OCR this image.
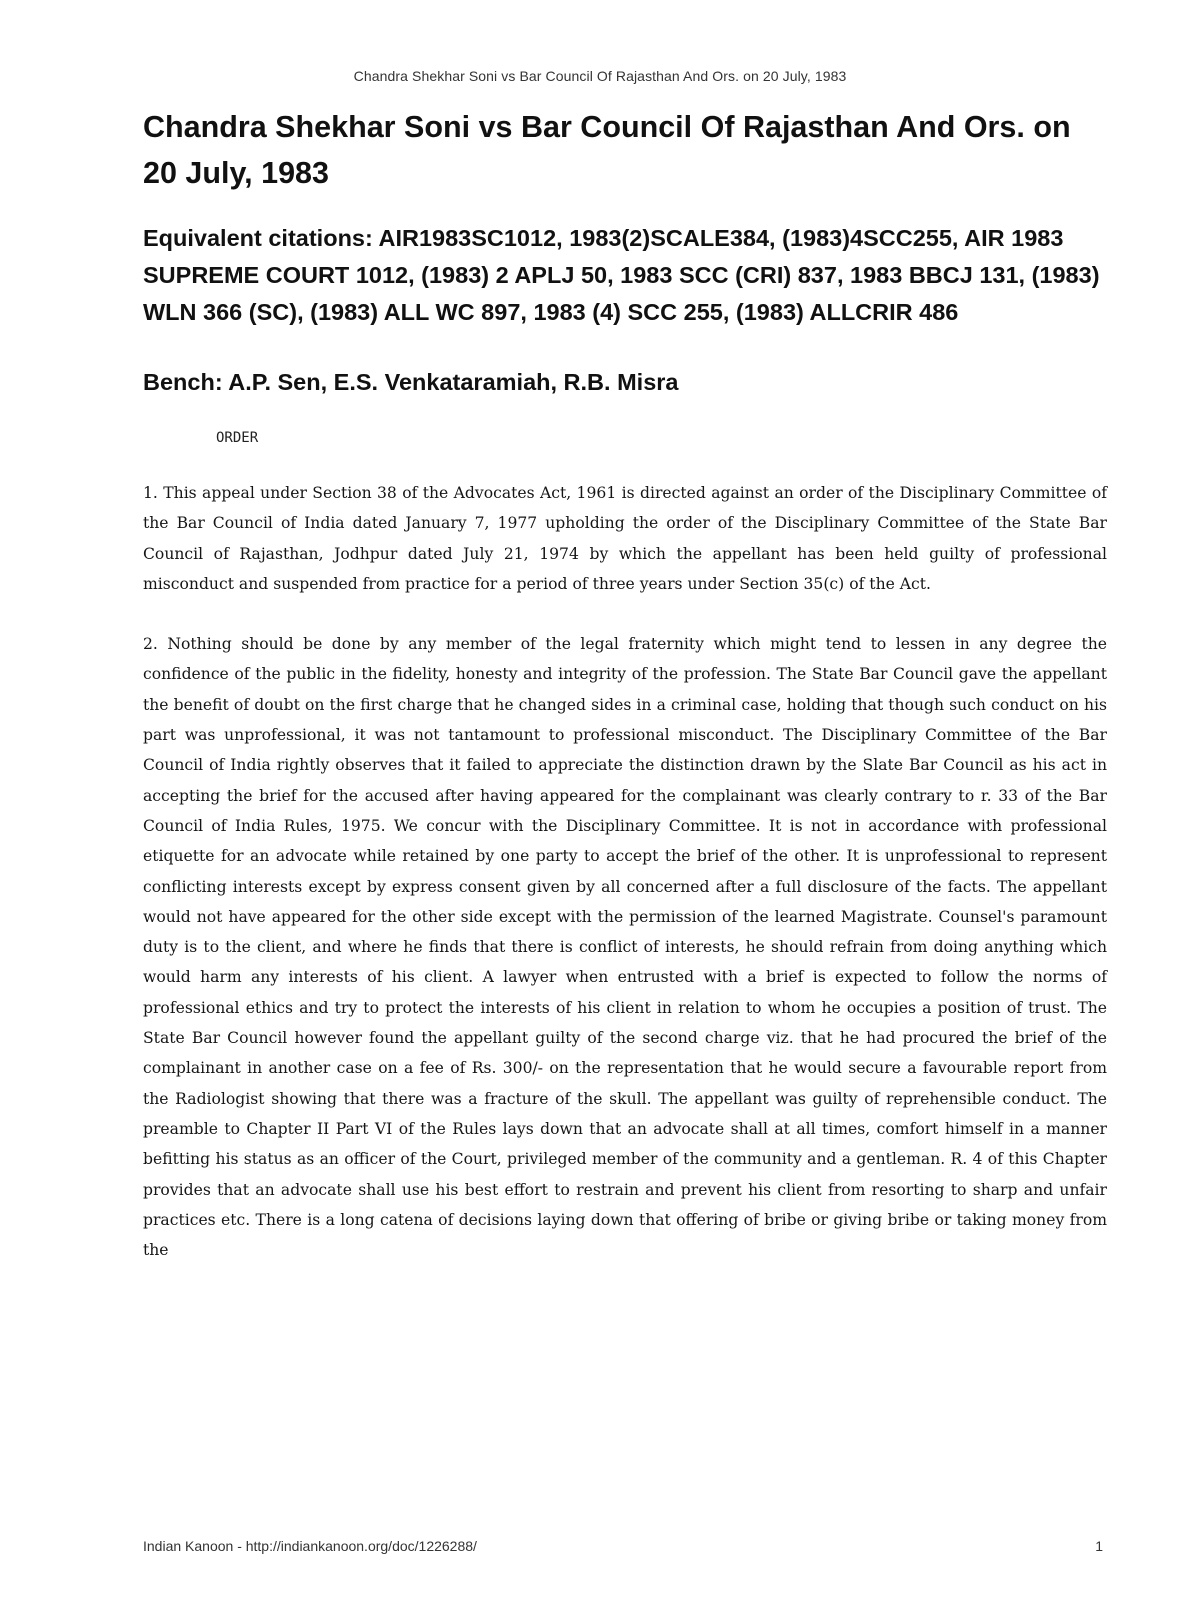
Chandra Shekhar Soni vs Bar Council Of Rajasthan And Ors. on 20 July, 1983
Chandra Shekhar Soni vs Bar Council Of Rajasthan And Ors. on 20 July, 1983
Equivalent citations: AIR1983SC1012, 1983(2)SCALE384, (1983)4SCC255, AIR 1983 SUPREME COURT 1012, (1983) 2 APLJ 50, 1983 SCC (CRI) 837, 1983 BBCJ 131, (1983) WLN 366 (SC), (1983) ALL WC 897, 1983 (4) SCC 255, (1983) ALLCRIR 486
Bench: A.P. Sen, E.S. Venkataramiah, R.B. Misra
ORDER

1. This appeal under Section 38 of the Advocates Act, 1961 is directed against an order of the Disciplinary Committee of the Bar Council of India dated January 7, 1977 upholding the order of the Disciplinary Committee of the State Bar Council of Rajasthan, Jodhpur dated July 21, 1974 by which the appellant has been held guilty of professional misconduct and suspended from practice for a period of three years under Section 35(c) of the Act.

2. Nothing should be done by any member of the legal fraternity which might tend to lessen in any degree the confidence of the public in the fidelity, honesty and integrity of the profession. The State Bar Council gave the appellant the benefit of doubt on the first charge that he changed sides in a criminal case, holding that though such conduct on his part was unprofessional, it was not tantamount to professional misconduct. The Disciplinary Committee of the Bar Council of India rightly observes that it failed to appreciate the distinction drawn by the Slate Bar Council as his act in accepting the brief for the accused after having appeared for the complainant was clearly contrary to r. 33 of the Bar Council of India Rules, 1975. We concur with the Disciplinary Committee. It is not in accordance with professional etiquette for an advocate while retained by one party to accept the brief of the other. It is unprofessional to represent conflicting interests except by express consent given by all concerned after a full disclosure of the facts. The appellant would not have appeared for the other side except with the permission of the learned Magistrate. Counsel's paramount duty is to the client, and where he finds that there is conflict of interests, he should refrain from doing anything which would harm any interests of his client. A lawyer when entrusted with a brief is expected to follow the norms of professional ethics and try to protect the interests of his client in relation to whom he occupies a position of trust. The State Bar Council however found the appellant guilty of the second charge viz. that he had procured the brief of the complainant in another case on a fee of Rs. 300/- on the representation that he would secure a favourable report from the Radiologist showing that there was a fracture of the skull. The appellant was guilty of reprehensible conduct. The preamble to Chapter II Part VI of the Rules lays down that an advocate shall at all times, comfort himself in a manner befitting his status as an officer of the Court, privileged member of the community and a gentleman. R. 4 of this Chapter provides that an advocate shall use his best effort to restrain and prevent his client from resorting to sharp and unfair practices etc. There is a long catena of decisions laying down that offering of bribe or giving bribe or taking money from the

Indian Kanoon - http://indiankanoon.org/doc/1226288/	1
